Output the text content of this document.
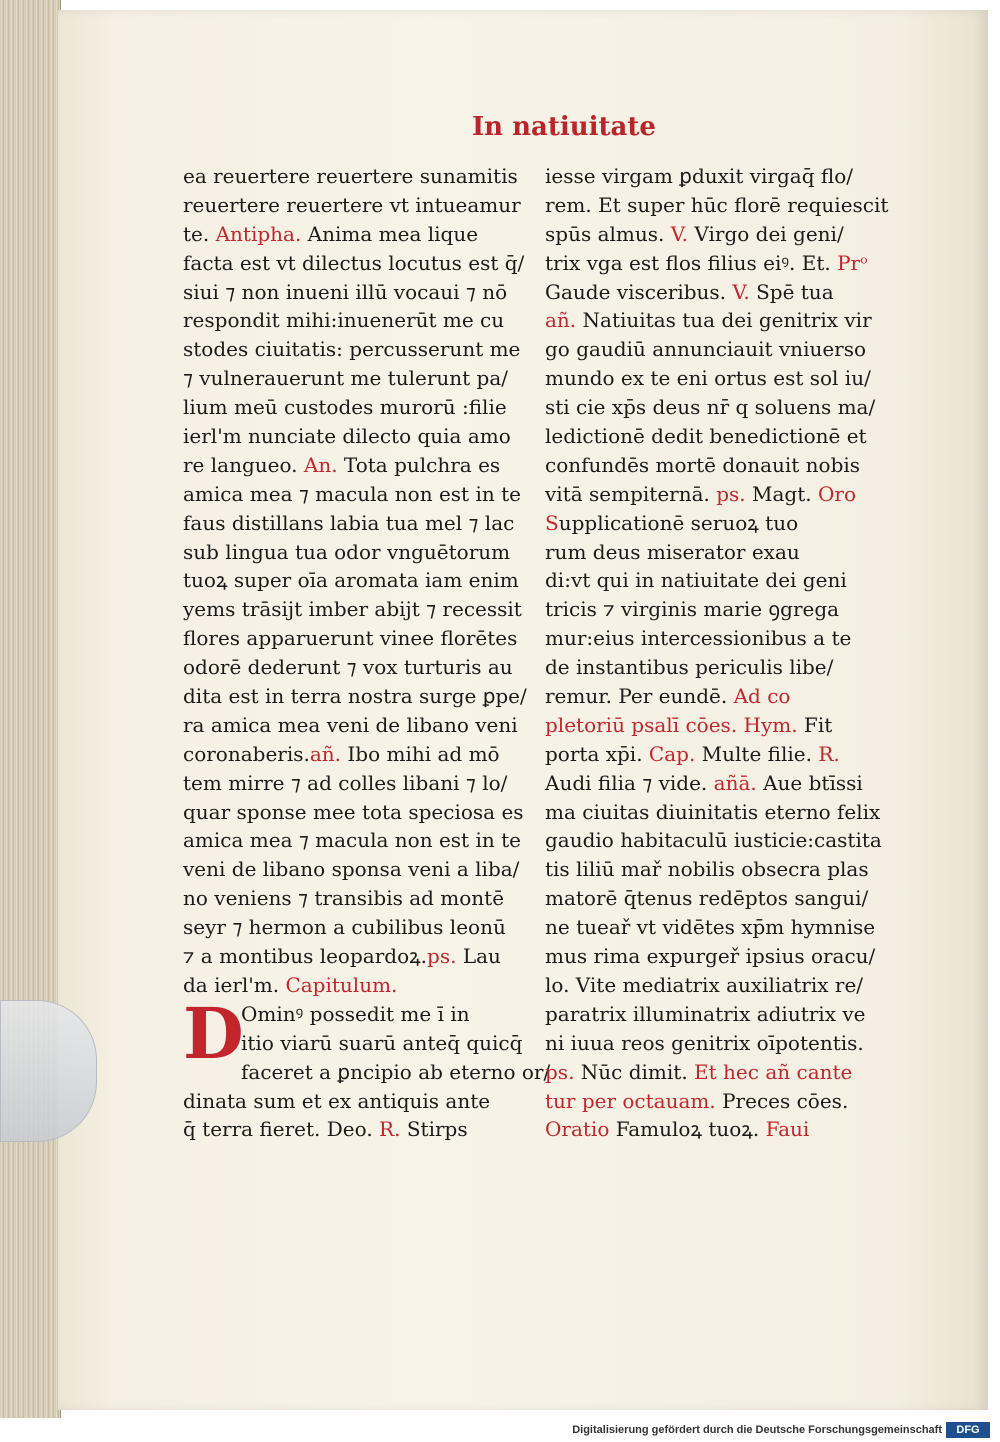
In natiuitate
ea reuertere reuertere sunamitis
reuertere reuertere vt intueamur
te. Antipha. Anima mea lique
facta est vt dilectus locutus est q̄/
siui ⁊ non inueni illū vocaui ⁊ nō
respondit mihi:inuenerūt me cu
stodes ciuitatis: percusserunt me
⁊ vulnerauerunt me tulerunt pa/
lium meū custodes murorū :filie
ierl'm nunciate dilecto quia amo
re langueo. An. Tota pulchra es
amica mea ⁊ macula non est in te
faus distillans labia tua mel ⁊ lac
sub lingua tua odor vnguētorum
tuoꝝ super oīa aromata iam enim
yems trāsijt imber abijt ⁊ recessit
flores apparuerunt vinee florētes
odorē dederunt ⁊ vox turturis au
dita est in terra nostra surge ꝑpe/
ra amica mea veni de libano veni
coronaberis.añ. Ibo mihi ad mō
tem mirre ⁊ ad colles libani ⁊ lo/
quar sponse mee tota speciosa es
amica mea ⁊ macula non est in te
veni de libano sponsa veni a liba/
no veniens ⁊ transibis ad montē
seyr ⁊ hermon a cubilibus leonū
⁊ a montibus leopardoꝝ.ps. Lau
da ierl'm. Capitulum.
D
Ominꝰ possedit me ī in
itio viarū suarū anteq̄ quicq̄
faceret a ꝑncipio ab eterno or/
dinata sum et ex antiquis ante
q̄ terra fieret. Deo. R. Stirps
iesse virgam ꝑduxit virgaq̄ flo/
rem. Et super hūc florē requiescit
spūs almus. V. Virgo dei geni/
trix vga est flos filius eiꝰ. Et. Prᵒ
Gaude visceribus. V. Spē tua
añ. Natiuitas tua dei genitrix vir
go gaudiū annunciauit vniuerso
mundo ex te eni ortus est sol iu/
sti cie xp̄s deus nr̄ q soluens ma/
ledictionē dedit benedictionē et
confundēs mortē donauit nobis
vitā sempiternā. ps. Magt. Oro
Supplicationē seruoꝝ tuo
rum deus miserator exau
di:vt qui in natiuitate dei geni
tricis ⁊ virginis marie ꝯgrega
mur:eius intercessionibus a te
de instantibus periculis libe/
remur. Per eundē. Ad co
pletoriū psalī cōes. Hym. Fit
porta xp̄i. Cap. Multe filie. R.
Audi filia ⁊ vide. añā. Aue btīssi
ma ciuitas diuinitatis eterno felix
gaudio habitaculū iusticie:castita
tis liliū mař nobilis obsecra plas
matorē q̄tenus redēptos sangui/
ne tueař vt vidētes xp̄m hymnise
mus rima expurgeř ipsius oracu/
lo. Vite mediatrix auxiliatrix re/
paratrix illuminatrix adiutrix ve
ni iuua reos genitrix oīpotentis.
ps. Nūc dimit. Et hec añ cante
tur per octauam. Preces cōes.
Oratio Famuloꝝ tuoꝝ. Faui
Digitalisierung gefördert durch die Deutsche Forschungsgemeinschaft	DFG
